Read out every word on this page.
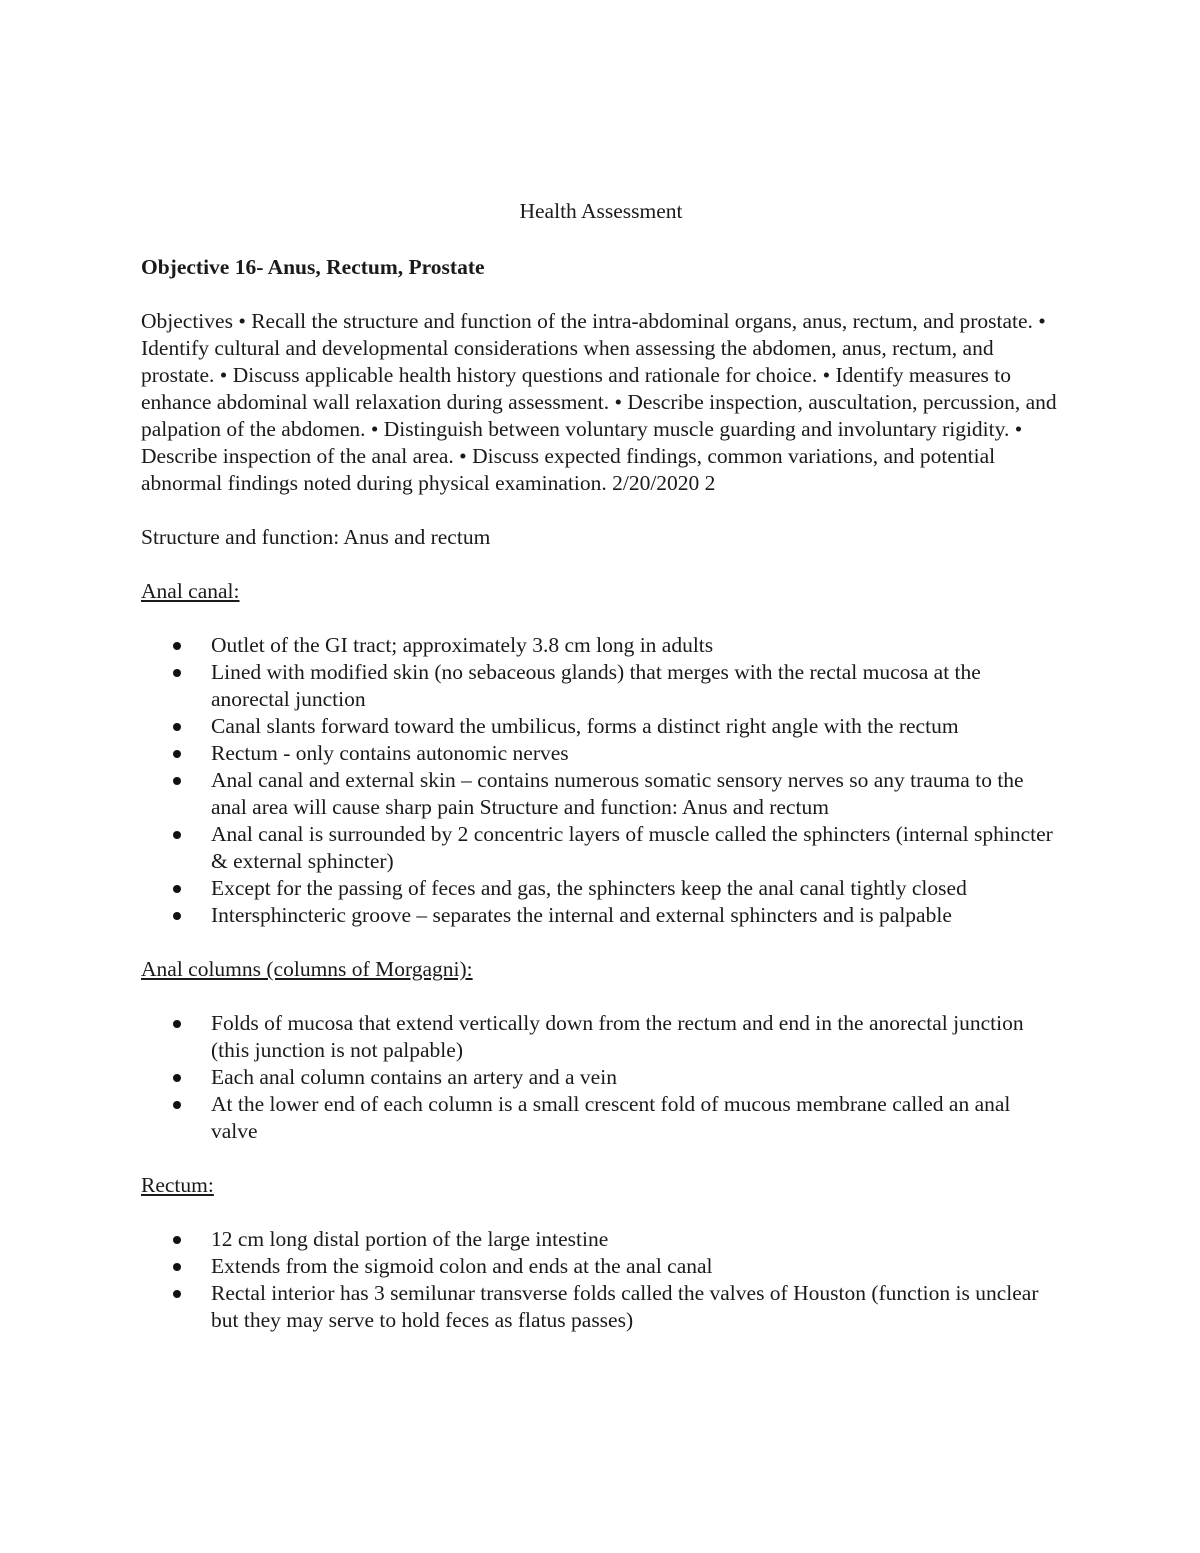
Health Assessment
Objective 16- Anus, Rectum, Prostate

Objectives • Recall the structure and function of the intra-abdominal organs, anus, rectum, and prostate. • Identify cultural and developmental considerations when assessing the abdomen, anus, rectum, and prostate. • Discuss applicable health history questions and rationale for choice. • Identify measures to enhance abdominal wall relaxation during assessment. • Describe inspection, auscultation, percussion, and palpation of the abdomen. • Distinguish between voluntary muscle guarding and involuntary rigidity. • Describe inspection of the anal area. • Discuss expected findings, common variations, and potential abnormal findings noted during physical examination. 2/20/2020 2

Structure and function: Anus and rectum

Anal canal:

Outlet of the GI tract; approximately 3.8 cm long in adults
Lined with modified skin (no sebaceous glands) that merges with the rectal mucosa at the anorectal junction
Canal slants forward toward the umbilicus, forms a distinct right angle with the rectum
Rectum - only contains autonomic nerves
Anal canal and external skin – contains numerous somatic sensory nerves so any trauma to the anal area will cause sharp pain Structure and function: Anus and rectum
Anal canal is surrounded by 2 concentric layers of muscle called the sphincters (internal sphincter & external sphincter)
Except for the passing of feces and gas, the sphincters keep the anal canal tightly closed
Intersphincteric groove – separates the internal and external sphincters and is palpable

Anal columns (columns of Morgagni):

Folds of mucosa that extend vertically down from the rectum and end in the anorectal junction (this junction is not palpable)
Each anal column contains an artery and a vein
At the lower end of each column is a small crescent fold of mucous membrane called an anal valve

Rectum:

12 cm long distal portion of the large intestine
Extends from the sigmoid colon and ends at the anal canal
Rectal interior has 3 semilunar transverse folds called the valves of Houston (function is unclear but they may serve to hold feces as flatus passes)
